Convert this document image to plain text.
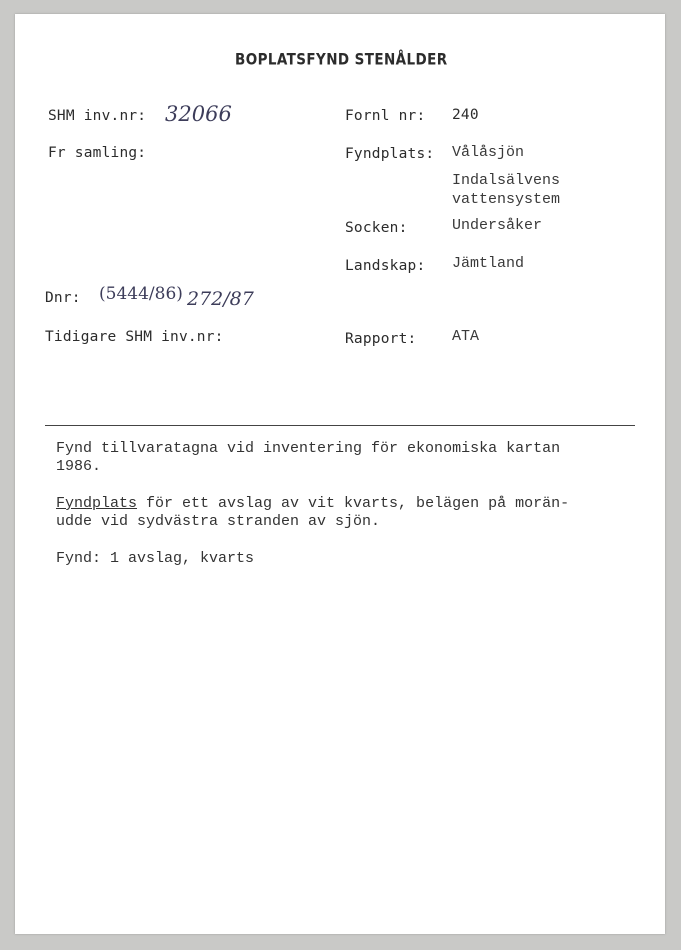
BOPLATSFYND STENÅLDER
SHM inv.nr: 32066
Fr samling:
Fornl nr: 240
Fyndplats: Vålåsjön
Indalsälvens
vattensystem
Socken:	Undersåker
Landskap: Jämtland
Dnr: (5444/86) 272/87
Tidigare SHM inv.nr:	Rapport: ATA
Fynd tillvaratagna vid inventering för ekonomiska kartan
1986.
Fyndplats för ett avslag av vit kvarts, belägen på morän-
udde vid sydvästra stranden av sjön.
Fynd: 1 avslag, kvarts
